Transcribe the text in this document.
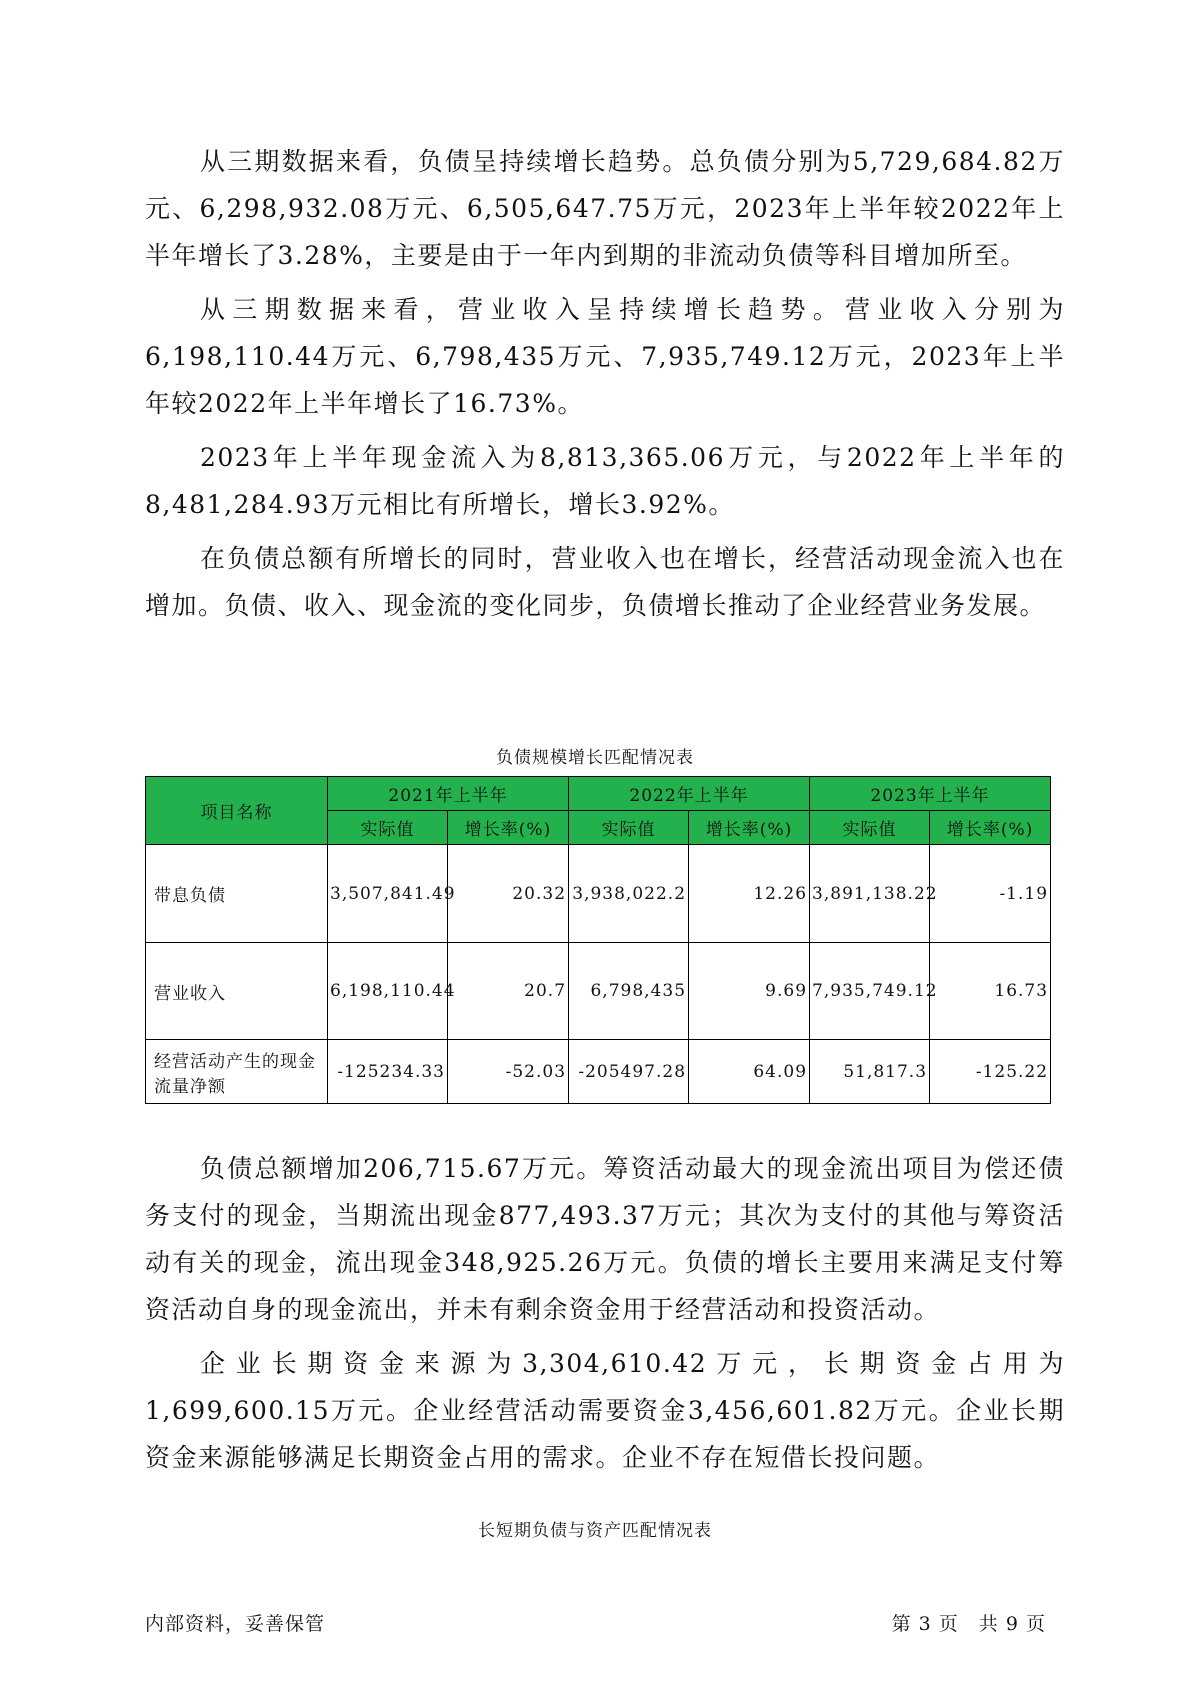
从三期数据来看，负债呈持续增长趋势。总负债分别为5,729,684.82万元、6,298,932.08万元、6,505,647.75万元，2023年上半年较2022年上半年增长了3.28%，主要是由于一年内到期的非流动负债等科目增加所至。

从三期数据来看，营业收入呈持续增长趋势。营业收入分别为6,198,110.44万元、6,798,435万元、7,935,749.12万元，2023年上半年较2022年上半年增长了16.73%。

2023年上半年现金流入为8,813,365.06万元，与2022年上半年的8,481,284.93万元相比有所增长，增长3.92%。

在负债总额有所增长的同时，营业收入也在增长，经营活动现金流入也在增加。负债、收入、现金流的变化同步，负债增长推动了企业经营业务发展。

负债规模增长匹配情况表
项目名称	2021年上半年		2022年上半年		2023年上半年	
	实际值	增长率(%)	实际值	增长率(%)	实际值	增长率(%)
带息负债	3,507,841.49	20.32	3,938,022.2	12.26	3,891,138.22	-1.19
营业收入	6,198,110.44	20.7	6,798,435	9.69	7,935,749.12	16.73
经营活动产生的现金流量净额	-125234.33	-52.03	-205497.28	64.09	51,817.3	-125.22

负债总额增加206,715.67万元。筹资活动最大的现金流出项目为偿还债务支付的现金，当期流出现金877,493.37万元；其次为支付的其他与筹资活动有关的现金，流出现金348,925.26万元。负债的增长主要用来满足支付筹资活动自身的现金流出，并未有剩余资金用于经营活动和投资活动。

企业长期资金来源为3,304,610.42万元，长期资金占用为1,699,600.15万元。企业经营活动需要资金3,456,601.82万元。企业长期资金来源能够满足长期资金占用的需求。企业不存在短借长投问题。

长短期负债与资产匹配情况表
内部资料，妥善保管	第 3 页　共 9 页
